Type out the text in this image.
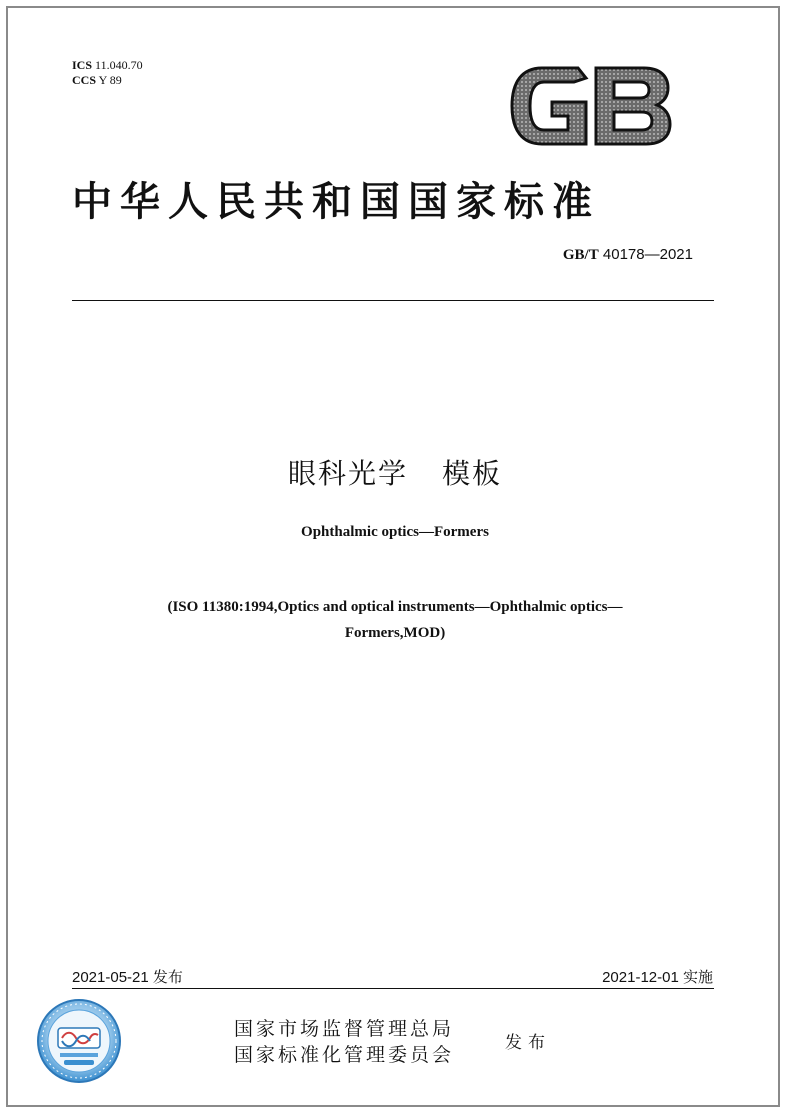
ICS 11.040.70
CCS Y 89
中华人民共和国国家标准
GB/T 40178—2021
眼科光学 模板
Ophthalmic optics—Formers
(ISO 11380:1994,Optics and optical instruments—Ophthalmic optics—
Formers,MOD)
2021-05-21 发布	2021-12-01 实施
国家市场监督管理总局
国家标准化管理委员会
发布
